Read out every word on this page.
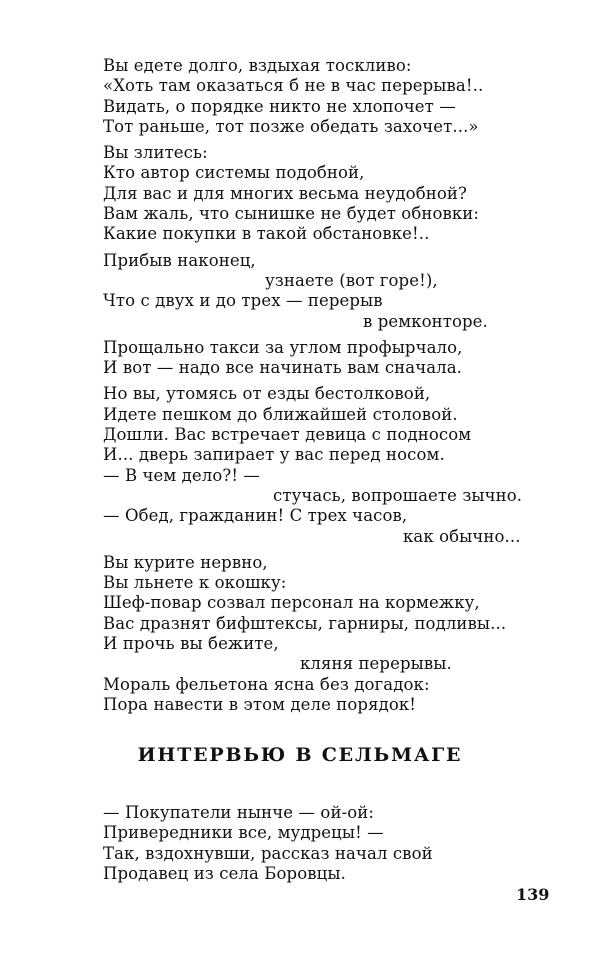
Вы едете долго, вздыхая тоскливо:
«Хоть там оказаться б не в час перерыва!..
Видать, о порядке никто не хлопочет —
Тот раньше, тот позже обедать захочет...»
Вы злитесь:
Кто автор системы подобной,
Для вас и для многих весьма неудобной?
Вам жаль, что сынишке не будет обновки:
Какие покупки в такой обстановке!..
Прибыв наконец,
узнаете (вот горе!),
Что с двух и до трех — перерыв
в ремконторе.
Прощально такси за углом профырчало,
И вот — надо все начинать вам сначала.
Но вы, утомясь от езды бестолковой,
Идете пешком до ближайшей столовой.
Дошли. Вас встречает девица с подносом
И... дверь запирает у вас перед носом.
— В чем дело?! —
стучась, вопрошаете зычно.
— Обед, гражданин! С трех часов,
как обычно...
Вы курите нервно,
Вы льнете к окошку:
Шеф-повар созвал персонал на кормежку,
Вас дразнят бифштексы, гарниры, подливы...
И прочь вы бежите,
кляня перерывы.
Мораль фельетона ясна без догадок:
Пора навести в этом деле порядок!
ИНТЕРВЬЮ В СЕЛЬМАГЕ
— Покупатели нынче — ой-ой:
Привередники все, мудрецы! —
Так, вздохнувши, рассказ начал свой
Продавец из села Боровцы.
139
